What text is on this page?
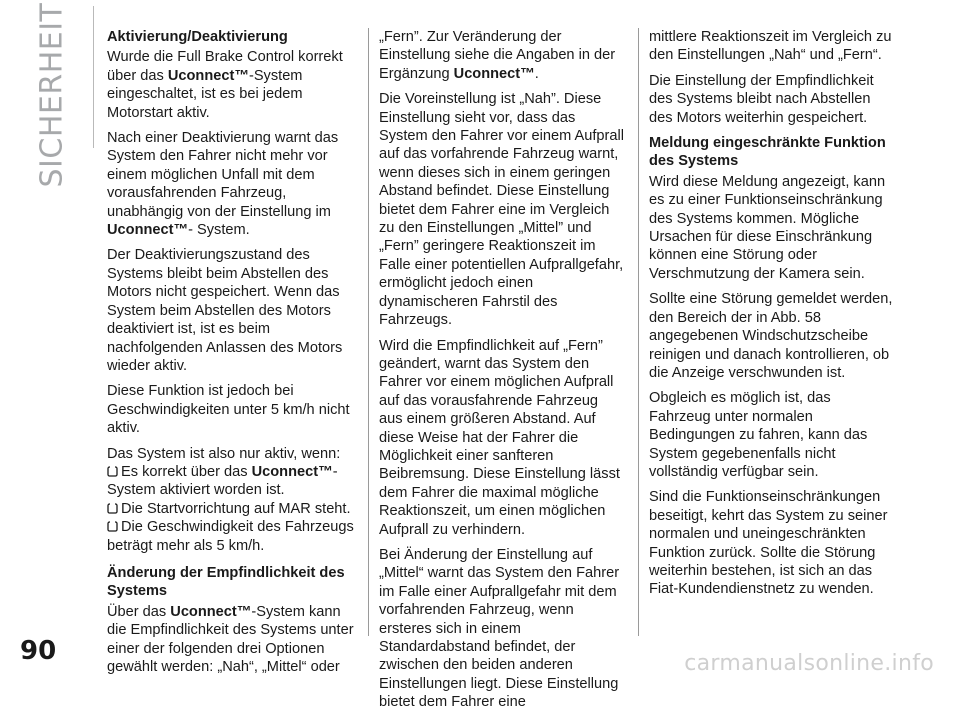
SICHERHEIT	Aktivierung/Deaktivierung

Wurde die Full Brake Control korrekt über das Uconnect™-System eingeschaltet, ist es bei jedem Motorstart aktiv.

Nach einer Deaktivierung warnt das System den Fahrer nicht mehr vor einem möglichen Unfall mit dem vorausfahrenden Fahrzeug, unabhängig von der Einstellung im Uconnect™- System.

Der Deaktivierungszustand des Systems bleibt beim Abstellen des Motors nicht gespeichert. Wenn das System beim Abstellen des Motors deaktiviert ist, ist es beim nachfolgenden Anlassen des Motors wieder aktiv.

Diese Funktion ist jedoch bei Geschwindigkeiten unter 5 km/h nicht aktiv.

Das System ist also nur aktiv, wenn:

Es korrekt über das Uconnect™- System aktiviert worden ist.

Die Startvorrichtung auf MAR steht.

Die Geschwindigkeit des Fahrzeugs beträgt mehr als 5 km/h.

Änderung der Empfindlichkeit des Systems

Über das Uconnect™-System kann die Empfindlichkeit des Systems unter einer der folgenden drei Optionen gewählt werden: „Nah“, „Mittel“ oder

„Fern”. Zur Veränderung der Einstellung siehe die Angaben in der Ergänzung Uconnect™.

Die Voreinstellung ist „Nah”. Diese Einstellung sieht vor, dass das System den Fahrer vor einem Aufprall auf das vorfahrende Fahrzeug warnt, wenn dieses sich in einem geringen Abstand befindet. Diese Einstellung bietet dem Fahrer eine im Vergleich zu den Einstellungen „Mittel” und „Fern” geringere Reaktionszeit im Falle einer potentiellen Aufprallgefahr, ermöglicht jedoch einen dynamischeren Fahrstil des Fahrzeugs.

Wird die Empfindlichkeit auf „Fern” geändert, warnt das System den Fahrer vor einem möglichen Aufprall auf das vorausfahrende Fahrzeug aus einem größeren Abstand. Auf diese Weise hat der Fahrer die Möglichkeit einer sanfteren Beibremsung. Diese Einstellung lässt dem Fahrer die maximal mögliche Reaktionszeit, um einen möglichen Aufprall zu verhindern.

Bei Änderung der Einstellung auf „Mittel“ warnt das System den Fahrer im Falle einer Aufprallgefahr mit dem vorfahrenden Fahrzeug, wenn ersteres sich in einem Standardabstand befindet, der zwischen den beiden anderen Einstellungen liegt. Diese Einstellung bietet dem Fahrer eine

mittlere Reaktionszeit im Vergleich zu den Einstellungen „Nah“ und „Fern“.

Die Einstellung der Empfindlichkeit des Systems bleibt nach Abstellen des Motors weiterhin gespeichert.

Meldung eingeschränkte Funktion des Systems

Wird diese Meldung angezeigt, kann es zu einer Funktionseinschränkung des Systems kommen. Mögliche Ursachen für diese Einschränkung können eine Störung oder Verschmutzung der Kamera sein.

Sollte eine Störung gemeldet werden, den Bereich der in Abb. 58 angegebenen Windschutzscheibe reinigen und danach kontrollieren, ob die Anzeige verschwunden ist.

Obgleich es möglich ist, das Fahrzeug unter normalen Bedingungen zu fahren, kann das System gegebenenfalls nicht vollständig verfügbar sein.

Sind die Funktionseinschränkungen beseitigt, kehrt das System zu seiner normalen und uneingeschränkten Funktion zurück. Sollte die Störung weiterhin bestehen, ist sich an das Fiat-Kundendienstnetz zu wenden.

90	carmanualsonline.info
